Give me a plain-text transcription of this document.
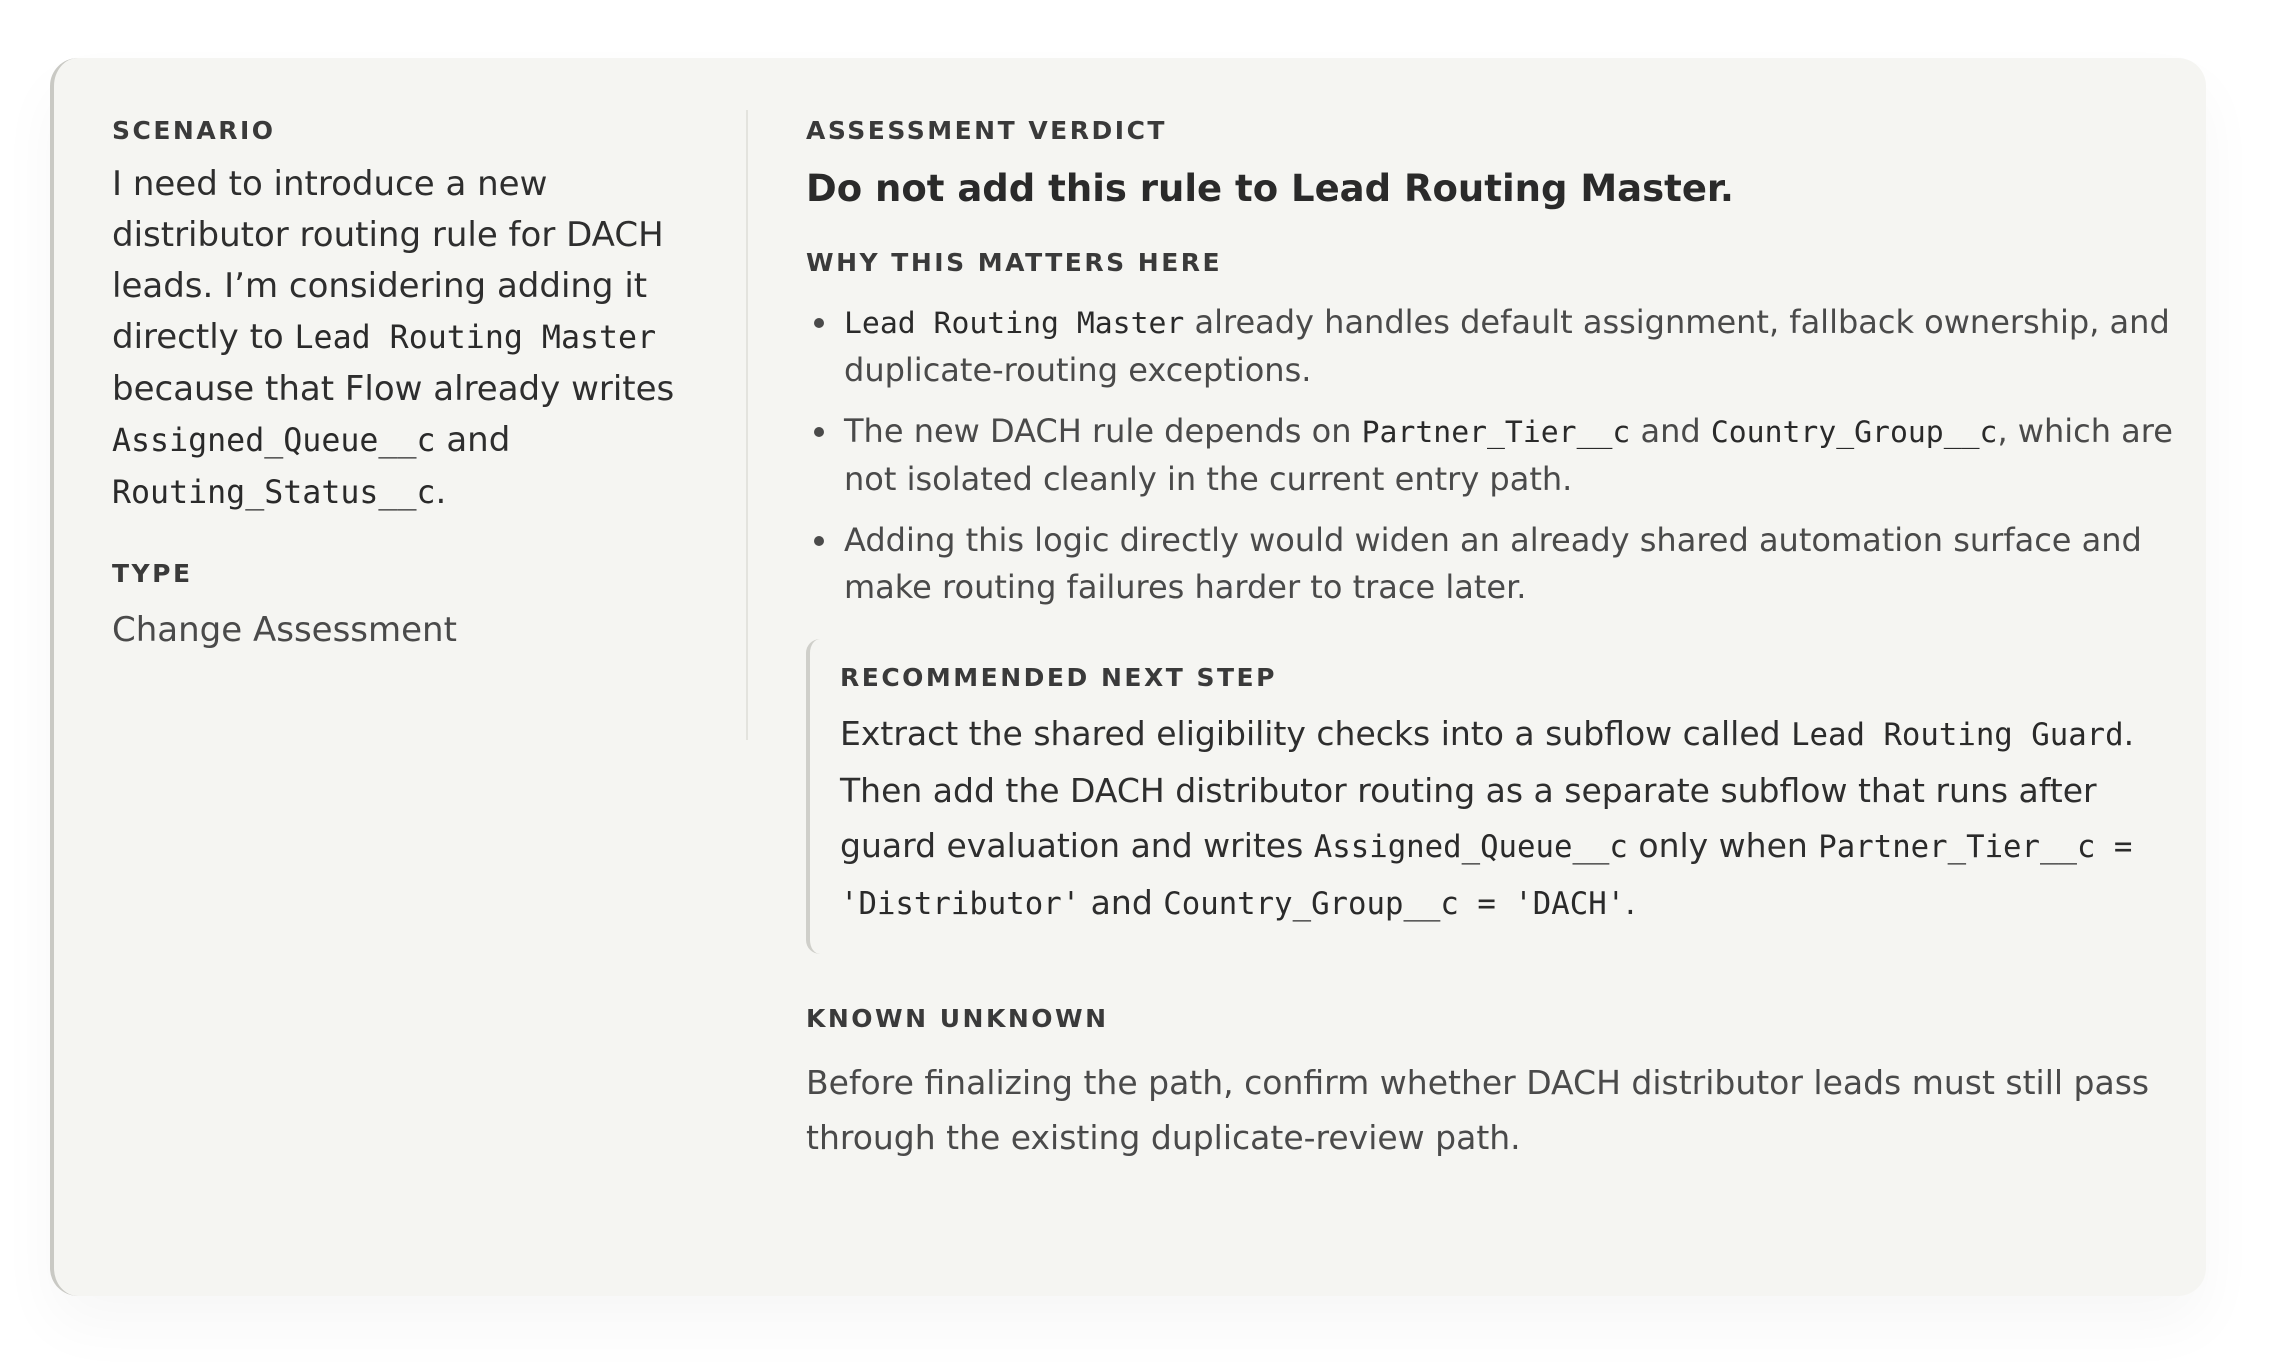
SCENARIO
I need to introduce a new distributor routing rule for DACH leads. I’m considering adding it directly to Lead Routing Master because that Flow already writes Assigned_Queue__c and Routing_Status__c.
TYPE
Change Assessment
ASSESSMENT VERDICT
Do not add this rule to Lead Routing Master.
WHY THIS MATTERS HERE
Lead Routing Master already handles default assignment, fallback ownership, and duplicate-routing exceptions.
The new DACH rule depends on Partner_Tier__c and Country_Group__c, which are not isolated cleanly in the current entry path.
Adding this logic directly would widen an already shared automation surface and make routing failures harder to trace later.
RECOMMENDED NEXT STEP
Extract the shared eligibility checks into a subflow called Lead Routing Guard. Then add the DACH distributor routing as a separate subflow that runs after guard evaluation and writes Assigned_Queue__c only when Partner_Tier__c = 'Distributor' and Country_Group__c = 'DACH'.
KNOWN UNKNOWN
Before finalizing the path, confirm whether DACH distributor leads must still pass through the existing duplicate-review path.
